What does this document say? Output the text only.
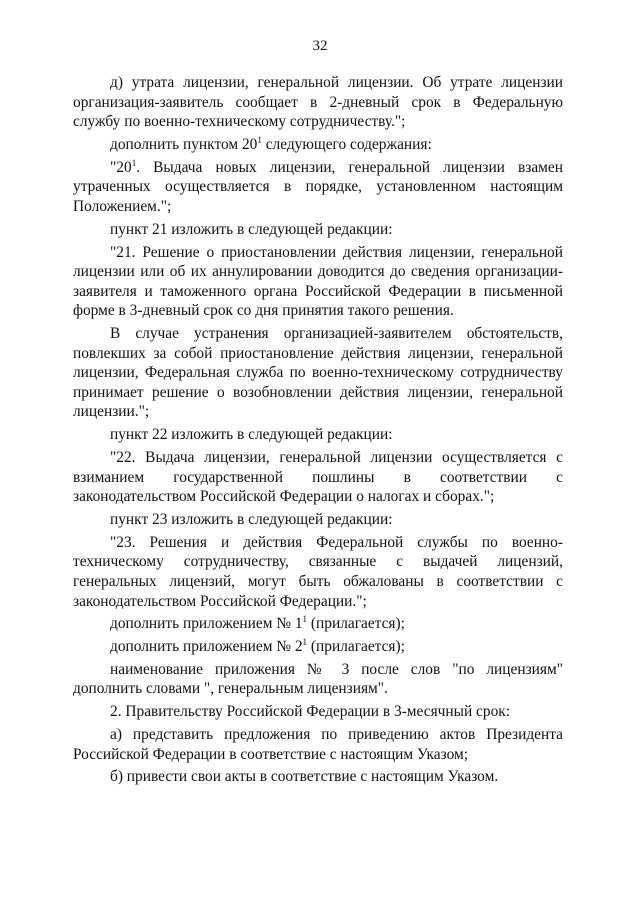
32

д) утрата лицензии, генеральной лицензии. Об утрате лицензии организация-заявитель сообщает в 2-дневный срок в Федеральную службу по военно-техническому сотрудничеству.";

дополнить пунктом $20^1$ следующего содержания:

"$20^1$. Выдача новых лицензии, генеральной лицензии взамен утраченных осуществляется в порядке, установленном настоящим Положением.";

пункт 21 изложить в следующей редакции:

"21. Решение о приостановлении действия лицензии, генеральной лицензии или об их аннулировании доводится до сведения организации-заявителя и таможенного органа Российской Федерации в письменной форме в 3-дневный срок со дня принятия такого решения.

В случае устранения организацией-заявителем обстоятельств, повлекших за собой приостановление действия лицензии, генеральной лицензии, Федеральная служба по военно-техническому сотрудничеству принимает решение о возобновлении действия лицензии, генеральной лицензии.";

пункт 22 изложить в следующей редакции:

"22. Выдача лицензии, генеральной лицензии осуществляется с взиманием государственной пошлины в соответствии с законодательством Российской Федерации о налогах и сборах.";

пункт 23 изложить в следующей редакции:

"23. Решения и действия Федеральной службы по военно-техническому сотрудничеству, связанные с выдачей лицензий, генеральных лицензий, могут быть обжалованы в соответствии с законодательством Российской Федерации.";

дополнить приложением № $1^1$ (прилагается);

дополнить приложением № $2^1$ (прилагается);

наименование приложения № 3 после слов "по лицензиям" дополнить словами ", генеральным лицензиям".

2. Правительству Российской Федерации в 3-месячный срок:

а) представить предложения по приведению актов Президента Российской Федерации в соответствие с настоящим Указом;

б) привести свои акты в соответствие с настоящим Указом.
